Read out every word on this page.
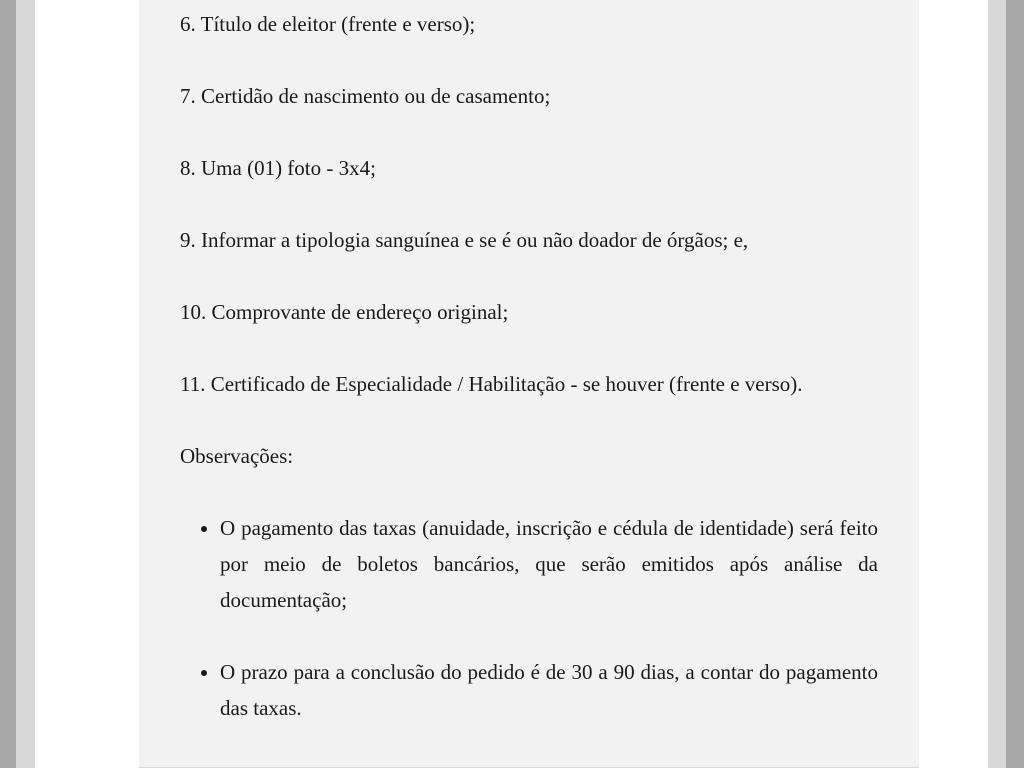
6. Título de eleitor (frente e verso);

7. Certidão de nascimento ou de casamento;

8. Uma (01) foto - 3x4;

9. Informar a tipologia sanguínea e se é ou não doador de órgãos; e,

10. Comprovante de endereço original;

11. Certificado de Especialidade / Habilitação - se houver (frente e verso).

Observações:

• O pagamento das taxas (anuidade, inscrição e cédula de identidade) será feito por meio de boletos bancários, que serão emitidos após análise da documentação;
• O prazo para a conclusão do pedido é de 30 a 90 dias, a contar do pagamento das taxas.
